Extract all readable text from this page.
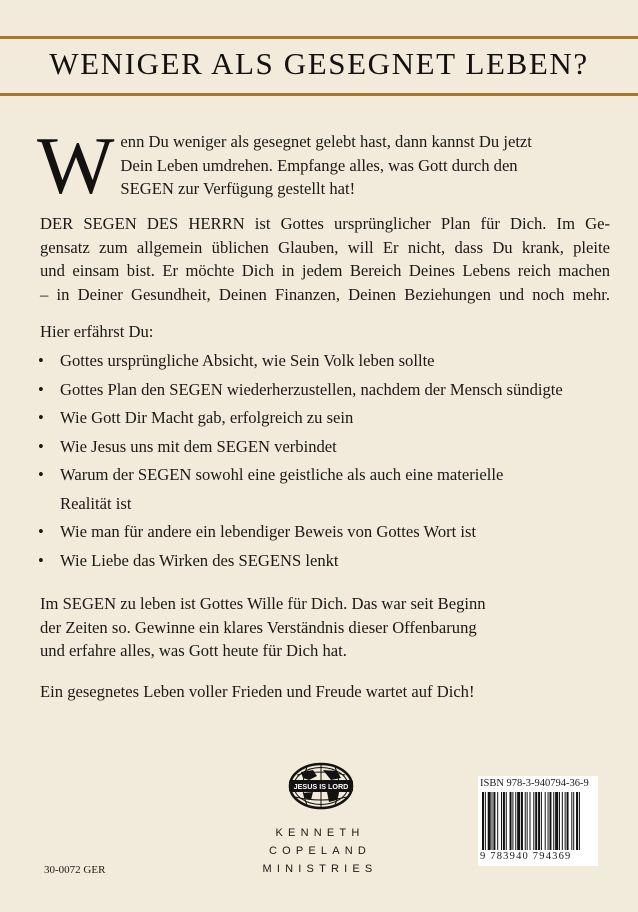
WENIGER ALS GESEGNET LEBEN?
W enn Du weniger als gesegnet gelebt hast, dann kannst Du jetzt
Dein Leben umdrehen. Empfange alles, was Gott durch den
SEGEN zur Verfügung gestellt hat!
DER SEGEN DES HERRN ist Gottes ursprünglicher Plan für Dich. Im Ge-
gensatz zum allgemein üblichen Glauben, will Er nicht, dass Du krank, pleite
und einsam bist. Er möchte Dich in jedem Bereich Deines Lebens reich machen
– in Deiner Gesundheit, Deinen Finanzen, Deinen Beziehungen und noch mehr.
Hier erfährst Du:
• Gottes ursprüngliche Absicht, wie Sein Volk leben sollte
• Gottes Plan den SEGEN wiederherzustellen, nachdem der Mensch sündigte
• Wie Gott Dir Macht gab, erfolgreich zu sein
• Wie Jesus uns mit dem SEGEN verbindet
• Warum der SEGEN sowohl eine geistliche als auch eine materielle
Realität ist
• Wie man für andere ein lebendiger Beweis von Gottes Wort ist
• Wie Liebe das Wirken des SEGENS lenkt
Im SEGEN zu leben ist Gottes Wille für Dich. Das war seit Beginn
der Zeiten so. Gewinne ein klares Verständnis dieser Offenbarung
und erfahre alles, was Gott heute für Dich hat.
Ein gesegnetes Leben voller Frieden und Freude wartet auf Dich!
JESUS IS LORD
KENNETH
COPELAND
MINISTRIES
30-0072 GER
ISBN 978-3-940794-36-9
9 783940 794369
